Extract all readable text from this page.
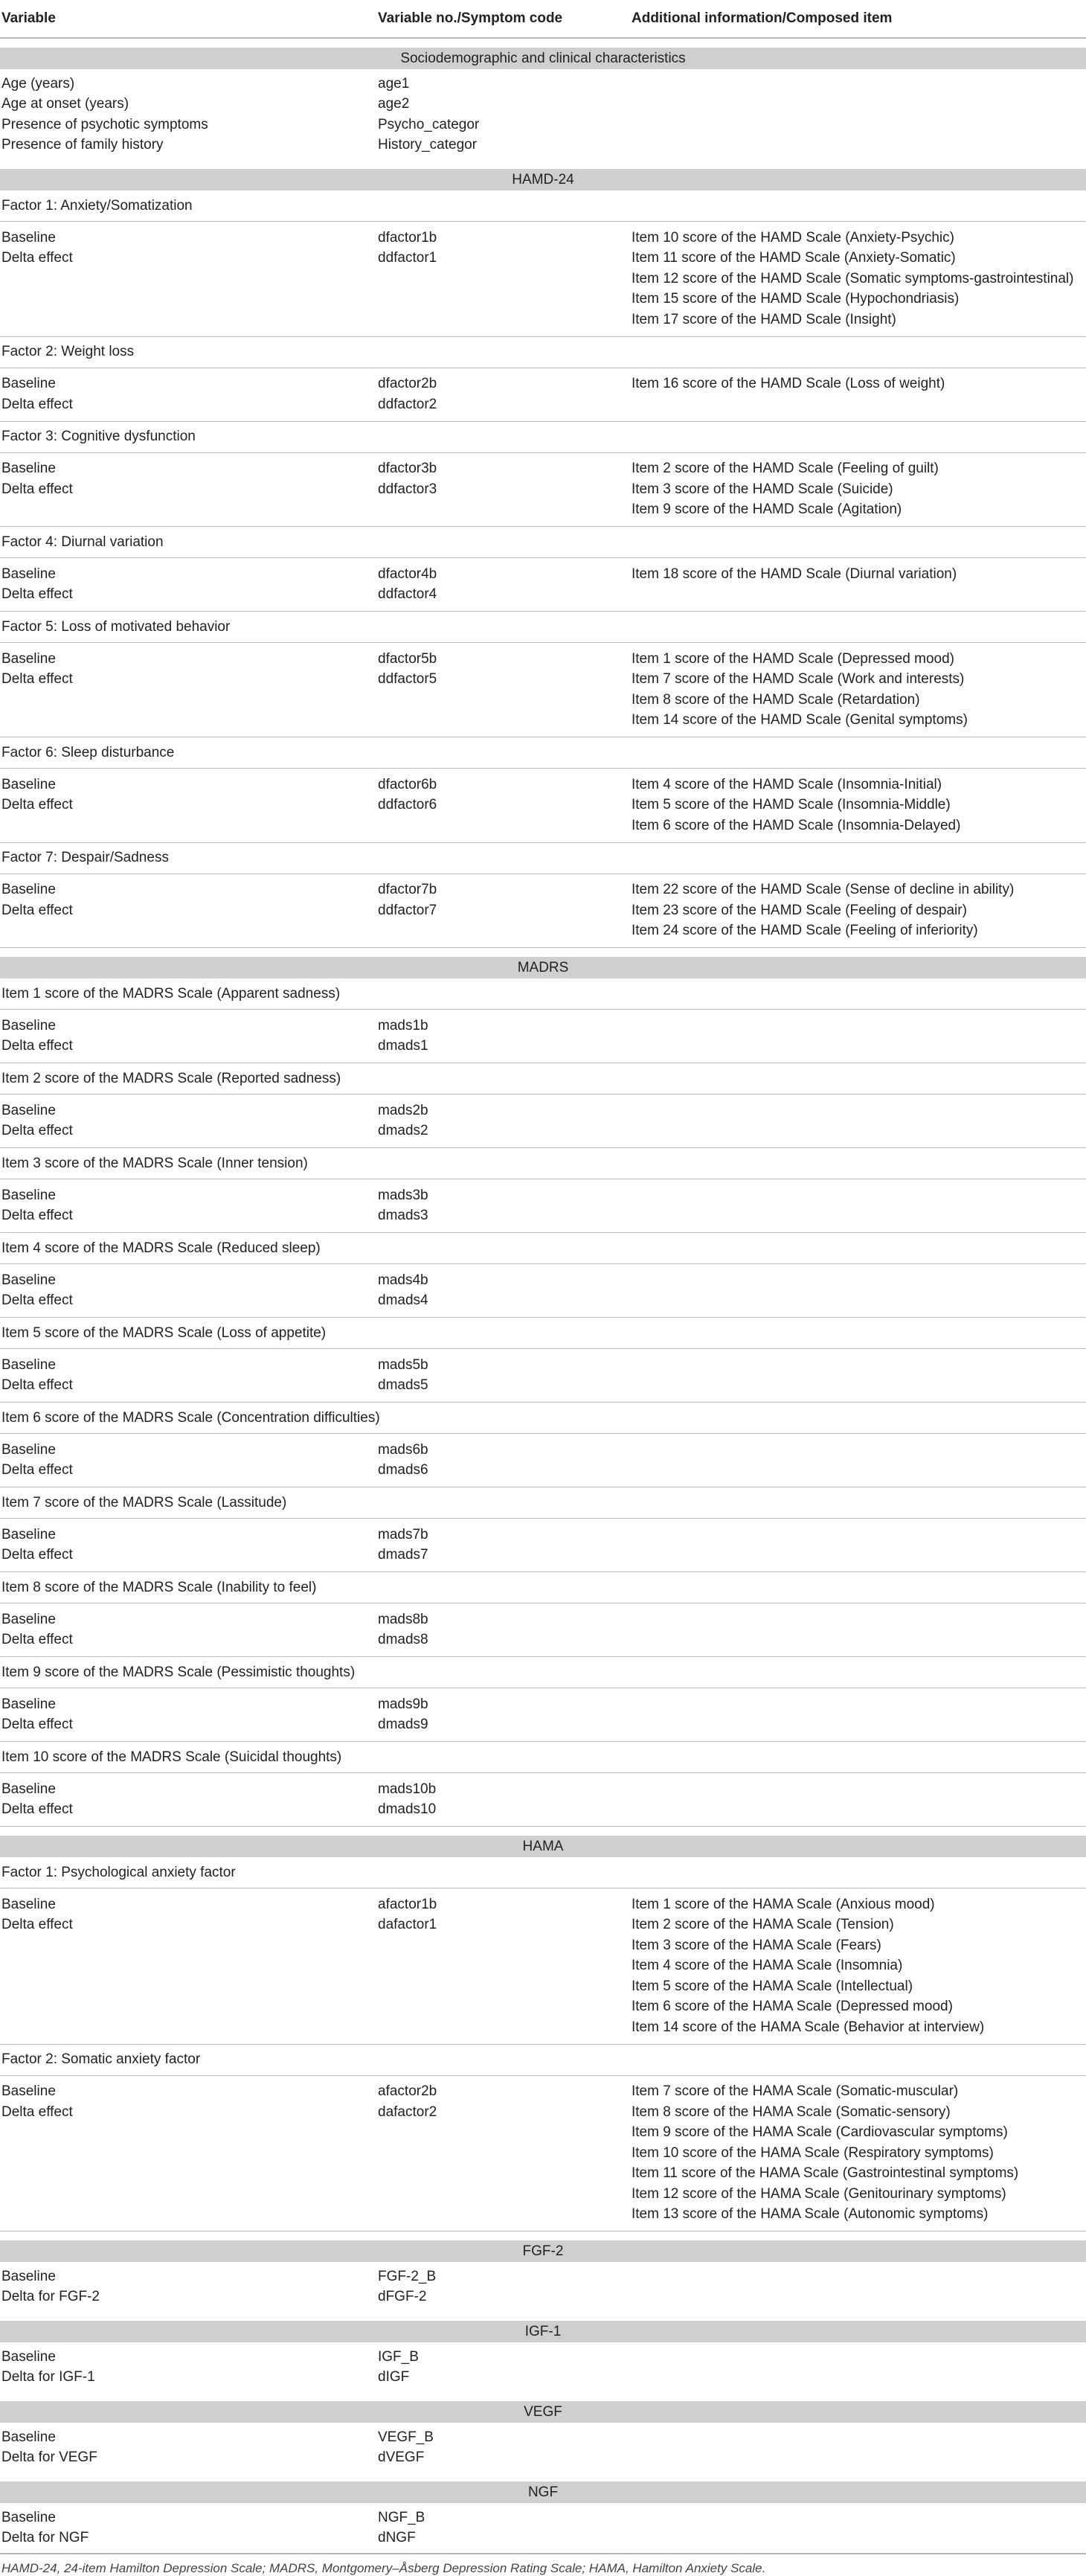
Variable	Variable no./Symptom code	Additional information/Composed item

Sociodemographic and clinical characteristics		
Age (years)	age1	
Age at onset (years)	age2	
Presence of psychotic symptoms	Psycho_categor	
Presence of family history	History_categor	

HAMD-24		
Factor 1: Anxiety/Somatization		
Baseline	dfactor1b	Item 10 score of the HAMD Scale (Anxiety-Psychic)
Delta effect	ddfactor1	Item 11 score of the HAMD Scale (Anxiety-Somatic)
		Item 12 score of the HAMD Scale (Somatic symptoms-gastrointestinal)
		Item 15 score of the HAMD Scale (Hypochondriasis)
		Item 17 score of the HAMD Scale (Insight)
Factor 2: Weight loss		
Baseline	dfactor2b	Item 16 score of the HAMD Scale (Loss of weight)
Delta effect	ddfactor2	
Factor 3: Cognitive dysfunction		
Baseline	dfactor3b	Item 2 score of the HAMD Scale (Feeling of guilt)
Delta effect	ddfactor3	Item 3 score of the HAMD Scale (Suicide)
		Item 9 score of the HAMD Scale (Agitation)
Factor 4: Diurnal variation		
Baseline	dfactor4b	Item 18 score of the HAMD Scale (Diurnal variation)
Delta effect	ddfactor4	
Factor 5: Loss of motivated behavior		
Baseline	dfactor5b	Item 1 score of the HAMD Scale (Depressed mood)
Delta effect	ddfactor5	Item 7 score of the HAMD Scale (Work and interests)
		Item 8 score of the HAMD Scale (Retardation)
		Item 14 score of the HAMD Scale (Genital symptoms)
Factor 6: Sleep disturbance		
Baseline	dfactor6b	Item 4 score of the HAMD Scale (Insomnia-Initial)
Delta effect	ddfactor6	Item 5 score of the HAMD Scale (Insomnia-Middle)
		Item 6 score of the HAMD Scale (Insomnia-Delayed)
Factor 7: Despair/Sadness		
Baseline	dfactor7b	Item 22 score of the HAMD Scale (Sense of decline in ability)
Delta effect	ddfactor7	Item 23 score of the HAMD Scale (Feeling of despair)
		Item 24 score of the HAMD Scale (Feeling of inferiority)

MADRS		
Item 1 score of the MADRS Scale (Apparent sadness)		
Baseline	mads1b	
Delta effect	dmads1	
Item 2 score of the MADRS Scale (Reported sadness)		
Baseline	mads2b	
Delta effect	dmads2	
Item 3 score of the MADRS Scale (Inner tension)		
Baseline	mads3b	
Delta effect	dmads3	
Item 4 score of the MADRS Scale (Reduced sleep)		
Baseline	mads4b	
Delta effect	dmads4	
Item 5 score of the MADRS Scale (Loss of appetite)		
Baseline	mads5b	
Delta effect	dmads5	
Item 6 score of the MADRS Scale (Concentration difficulties)		
Baseline	mads6b	
Delta effect	dmads6	
Item 7 score of the MADRS Scale (Lassitude)		
Baseline	mads7b	
Delta effect	dmads7	
Item 8 score of the MADRS Scale (Inability to feel)		
Baseline	mads8b	
Delta effect	dmads8	
Item 9 score of the MADRS Scale (Pessimistic thoughts)		
Baseline	mads9b	
Delta effect	dmads9	
Item 10 score of the MADRS Scale (Suicidal thoughts)		
Baseline	mads10b	
Delta effect	dmads10	

HAMA		
Factor 1: Psychological anxiety factor		
Baseline	afactor1b	Item 1 score of the HAMA Scale (Anxious mood)
Delta effect	dafactor1	Item 2 score of the HAMA Scale (Tension)
		Item 3 score of the HAMA Scale (Fears)
		Item 4 score of the HAMA Scale (Insomnia)
		Item 5 score of the HAMA Scale (Intellectual)
		Item 6 score of the HAMA Scale (Depressed mood)
		Item 14 score of the HAMA Scale (Behavior at interview)
Factor 2: Somatic anxiety factor		
Baseline	afactor2b	Item 7 score of the HAMA Scale (Somatic-muscular)
Delta effect	dafactor2	Item 8 score of the HAMA Scale (Somatic-sensory)
		Item 9 score of the HAMA Scale (Cardiovascular symptoms)
		Item 10 score of the HAMA Scale (Respiratory symptoms)
		Item 11 score of the HAMA Scale (Gastrointestinal symptoms)
		Item 12 score of the HAMA Scale (Genitourinary symptoms)
		Item 13 score of the HAMA Scale (Autonomic symptoms)

FGF-2		
Baseline	FGF-2_B	
Delta for FGF-2	dFGF-2	

IGF-1		
Baseline	IGF_B	
Delta for IGF-1	dIGF	

VEGF		
Baseline	VEGF_B	
Delta for VEGF	dVEGF	

NGF		
Baseline	NGF_B	
Delta for NGF	dNGF	
HAMD-24, 24-item Hamilton Depression Scale; MADRS, Montgomery–Åsberg Depression Rating Scale; HAMA, Hamilton Anxiety Scale.
